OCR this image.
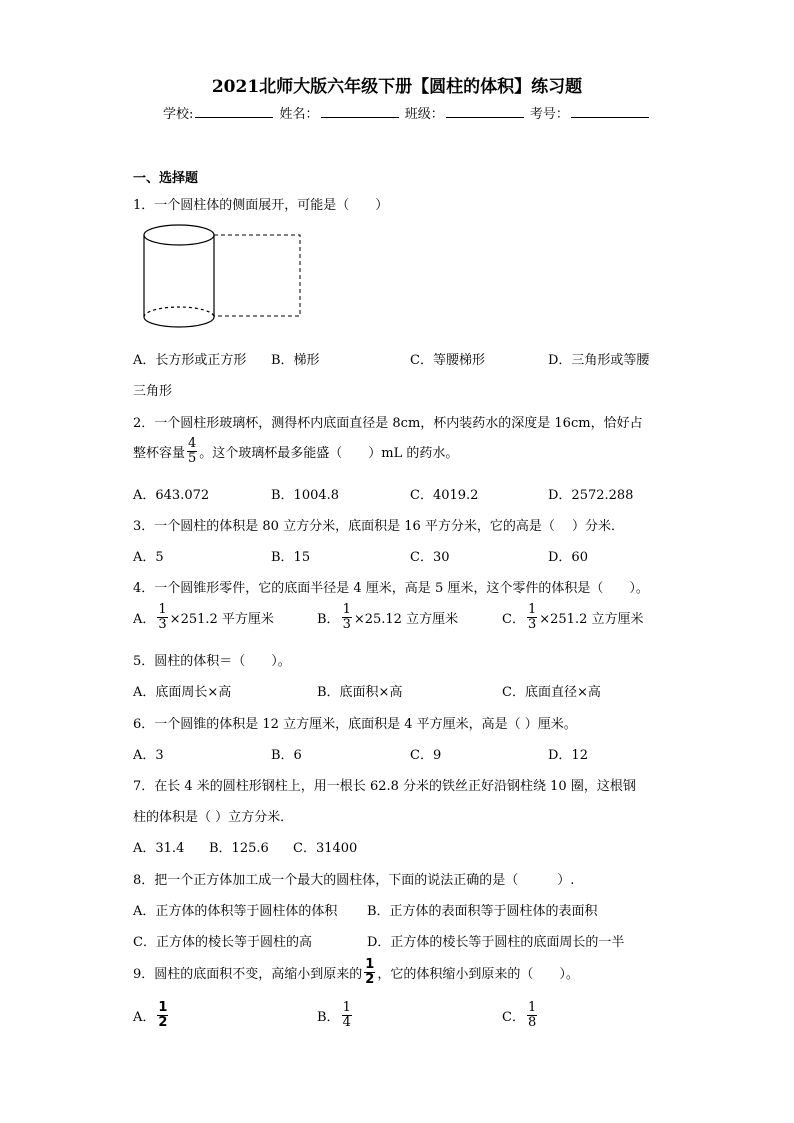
2021北师大版六年级下册【圆柱的体积】练习题
学校:	姓名：	班级：	考号：
一、选择题
1．一个圆柱体的侧面展开，可能是（　　）
A．长方形或正方形 B．梯形	C．等腰梯形	D．三角形或等腰
三角形
2．一个圆柱形玻璃杯，测得杯内底面直径是 8cm，杯内装药水的深度是 16cm，恰好占
整杯容量 $\frac{4}{5}$ 。这个玻璃杯最多能盛（　　）mL 的药水。
A．643.072	B．1004.8	C．4019.2	D．2572.288
3．一个圆柱的体积是 80 立方分米，底面积是 16 平方分米，它的高是（　 ）分米．
A．5	B．15	C．30	D．60
4．一个圆锥形零件，它的底面半径是 4 厘米，高是 5 厘米，这个零件的体积是（　　）。
A． $\frac{1}{3} \times 251.2$ 平方厘米	B． $\frac{1}{3} \times 25.12$ 立方厘米	C． $\frac{1}{3} \times 251.2$ 立方厘米
5．圆柱的体积＝（　　）。
A．底面周长×高	B．底面积×高	C．底面直径×高
6．一个圆锥的体积是 12 立方厘米，底面积是 4 平方厘米，高是（ ）厘米。
A．3	B．6	C．9	D．12
7．在长 4 米的圆柱形钢柱上，用一根长 62.8 分米的铁丝正好沿钢柱绕 10 圈，这根钢
柱的体积是（ ）立方分米．
A．31.4 B．125.6 C．31400
8．把一个正方体加工成一个最大的圆柱体，下面的说法正确的是（　　　）.
A．正方体的体积等于圆柱体的体积 B．正方体的表面积等于圆柱体的表面积
C．正方体的棱长等于圆柱的高	D．正方体的棱长等于圆柱的底面周长的一半
9．圆柱的底面积不变，高缩小到原来的 $\frac{1}{2}$ ，它的体积缩小到原来的（　　）。
A． $\frac{1}{2}$	B． $\frac{1}{4}$	C． $\frac{1}{8}$
